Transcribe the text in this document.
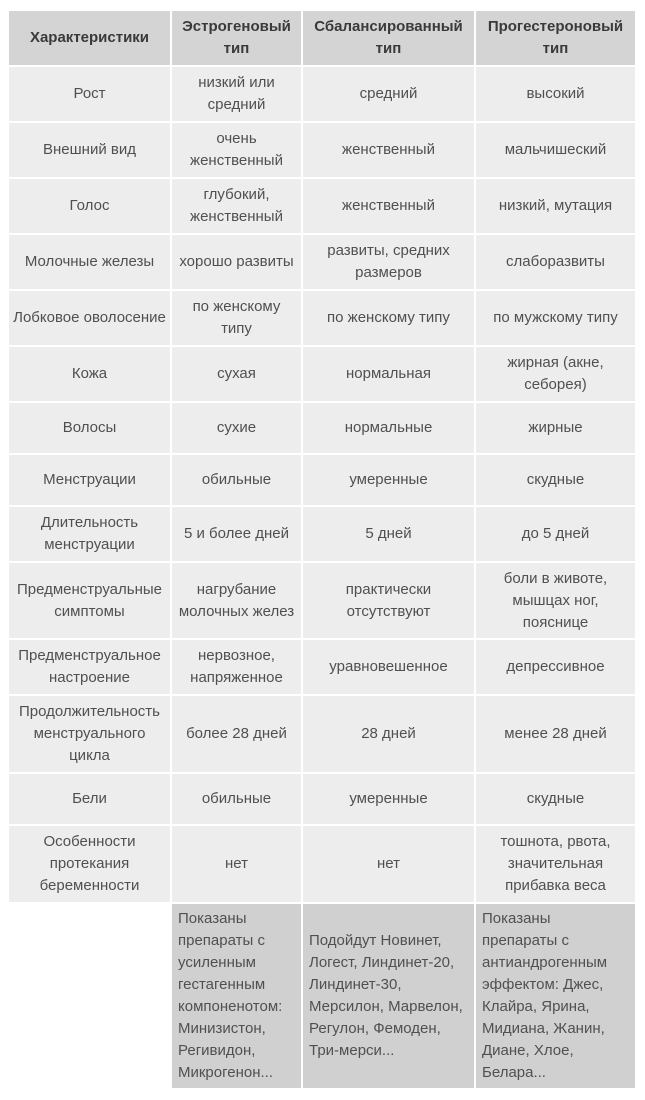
Характеристики	Эстрогеновый тип	Сбалансированный тип	Прогестероновый тип
Рост	низкий или средний	средний	высокий
Внешний вид	очень женственный	женственный	мальчишеский
Голос	глубокий, женственный	женственный	низкий, мутация
Молочные железы	хорошо развиты	развиты, средних размеров	слаборазвиты
Лобковое оволосение	по женскому типу	по женскому типу	по мужскому типу
Кожа	сухая	нормальная	жирная (акне, себорея)
Волосы	сухие	нормальные	жирные
Менструации	обильные	умеренные	скудные
Длительность менструации	5 и более дней	5 дней	до 5 дней
Предменструальные симптомы	нагрубание молочных желез	практически отсутствуют	боли в животе, мышцах ног, пояснице
Предменструальное настроение	нервозное, напряженное	уравновешенное	депрессивное
Продолжительность менструального цикла	более 28 дней	28 дней	менее 28 дней
Бели	обильные	умеренные	скудные
Особенности протекания беременности	нет	нет	тошнота, рвота, значительная прибавка веса
	Показаны препараты с усиленным гестагенным компоненотом: Минизистон, Регивидон, Микрогенон...	Подойдут Новинет, Логест, Линдинет-20, Линдинет-30, Мерсилон, Марвелон, Регулон, Фемоден, Три-мерси...	Показаны препараты с антиандрогенным эффектом: Джес, Клайра, Ярина, Мидиана, Жанин, Диане, Хлое, Белара...
